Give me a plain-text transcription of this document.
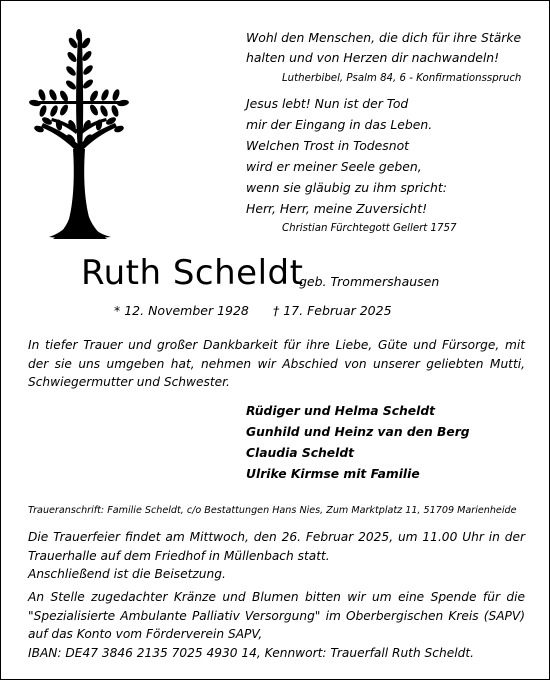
Wohl den Menschen, die dich für ihre Stärke
halten und von Herzen dir nachwandeln!
Lutherbibel, Psalm 84, 6 - Konfirmationsspruch
Jesus lebt! Nun ist der Tod
mir der Eingang in das Leben.
Welchen Trost in Todesnot
wird er meiner Seele geben,
wenn sie gläubig zu ihm spricht:
Herr, Herr, meine Zuversicht!
Christian Fürchtegott Gellert 1757
Ruth Scheldt
geb. Trommershausen
* 12. November 1928 † 17. Februar 2025
In tiefer Trauer und großer Dankbarkeit für ihre Liebe, Güte und Fürsorge, mit
der sie uns umgeben hat, nehmen wir Abschied von unserer geliebten Mutti,
Schwiegermutter und Schwester.
Rüdiger und Helma Scheldt
Gunhild und Heinz van den Berg
Claudia Scheldt
Ulrike Kirmse mit Familie
Traueranschrift: Familie Scheldt, c/o Bestattungen Hans Nies, Zum Marktplatz 11, 51709 Marienheide
Die Trauerfeier findet am Mittwoch, den 26. Februar 2025, um 11.00 Uhr in der
Trauerhalle auf dem Friedhof in Müllenbach statt.
Anschließend ist die Beisetzung.
An Stelle zugedachter Kränze und Blumen bitten wir um eine Spende für die
"Spezialisierte Ambulante Palliativ Versorgung" im Oberbergischen Kreis (SAPV)
auf das Konto vom Förderverein SAPV,
IBAN: DE47 3846 2135 7025 4930 14, Kennwort: Trauerfall Ruth Scheldt.
